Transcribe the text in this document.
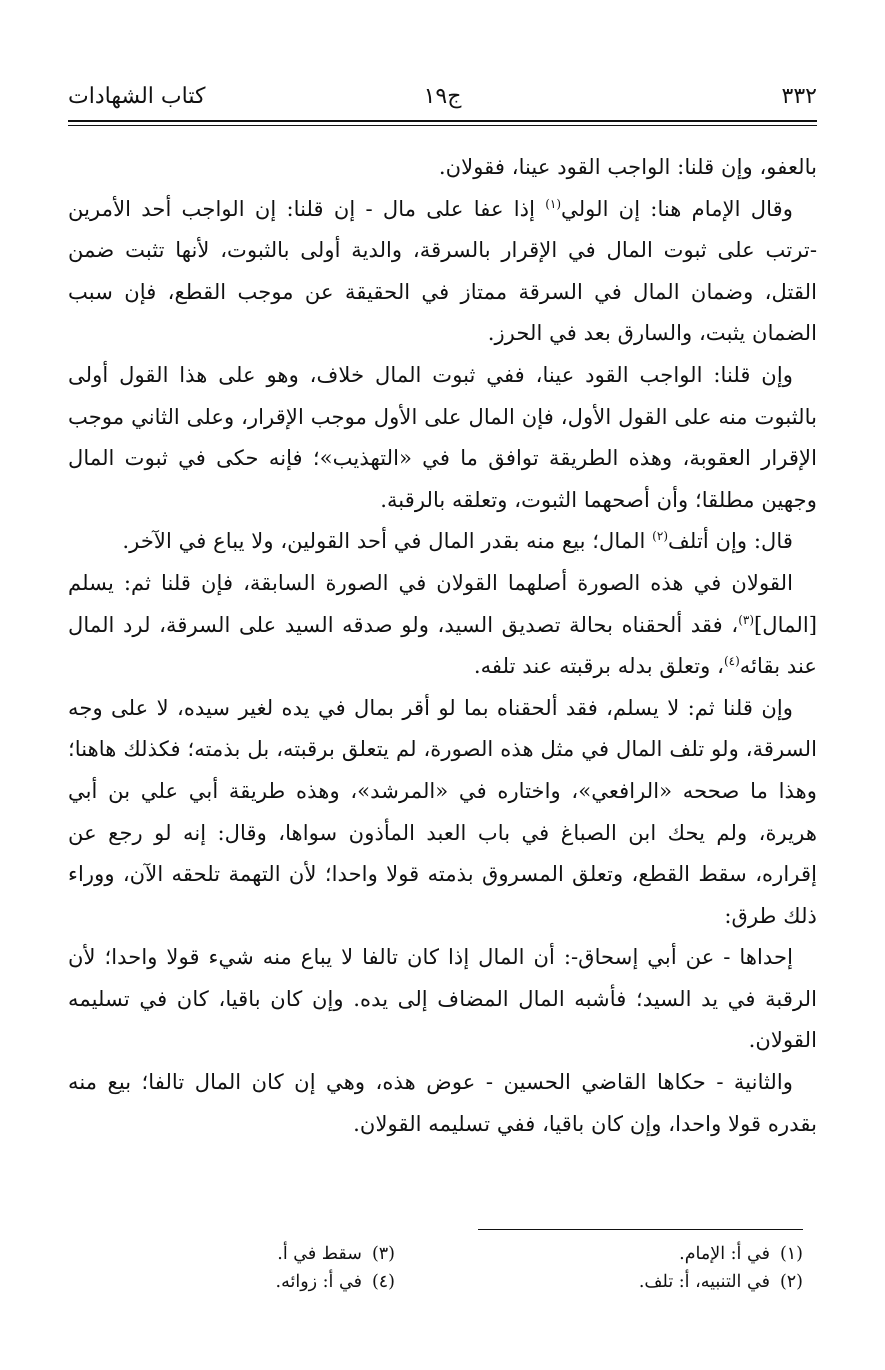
٣٣٢
ج١٩
كتاب الشهادات

بالعفو، وإن قلنا: الواجب القود عينا، فقولان.

وقال الإمام هنا: إن الولي$^{(١)}$ إذا عفا على مال - إن قلنا: إن الواجب أحد الأمرين -ترتب على ثبوت المال في الإقرار بالسرقة، والدية أولى بالثبوت، لأنها تثبت ضمن القتل، وضمان المال في السرقة ممتاز في الحقيقة عن موجب القطع، فإن سبب الضمان يثبت، والسارق بعد في الحرز.

وإن قلنا: الواجب القود عينا، ففي ثبوت المال خلاف، وهو على هذا القول أولى بالثبوت منه على القول الأول، فإن المال على الأول موجب الإقرار، وعلى الثاني موجب الإقرار العقوبة، وهذه الطريقة توافق ما في «التهذيب»؛ فإنه حكى في ثبوت المال وجهين مطلقا؛ وأن أصحهما الثبوت، وتعلقه بالرقبة.

قال: وإن أتلف$^{(٢)}$ المال؛ بيع منه بقدر المال في أحد القولين، ولا يباع في الآخر.

القولان في هذه الصورة أصلهما القولان في الصورة السابقة، فإن قلنا ثم: يسلم [المال]$^{(٣)}$، فقد ألحقناه بحالة تصديق السيد، ولو صدقه السيد على السرقة، لرد المال عند بقائه$^{(٤)}$، وتعلق بدله برقبته عند تلفه.

وإن قلنا ثم: لا يسلم، فقد ألحقناه بما لو أقر بمال في يده لغير سيده، لا على وجه السرقة، ولو تلف المال في مثل هذه الصورة، لم يتعلق برقبته، بل بذمته؛ فكذلك هاهنا؛ وهذا ما صححه «الرافعي»، واختاره في «المرشد»، وهذه طريقة أبي علي بن أبي هريرة، ولم يحك ابن الصباغ في باب العبد المأذون سواها، وقال: إنه لو رجع عن إقراره، سقط القطع، وتعلق المسروق بذمته قولا واحدا؛ لأن التهمة تلحقه الآن، ووراء ذلك طرق:

إحداها - عن أبي إسحاق-: أن المال إذا كان تالفا لا يباع منه شيء قولا واحدا؛ لأن الرقبة في يد السيد؛ فأشبه المال المضاف إلى يده. وإن كان باقيا، كان في تسليمه القولان.

والثانية - حكاها القاضي الحسين - عوض هذه، وهي إن كان المال تالفا؛ بيع منه بقدره قولا واحدا، وإن كان باقيا، ففي تسليمه القولان.

(١)في أ: الإمام.
(٢)في التنبيه، أ: تلف.
(٣)سقط في أ.
(٤)في أ: زوائه.
